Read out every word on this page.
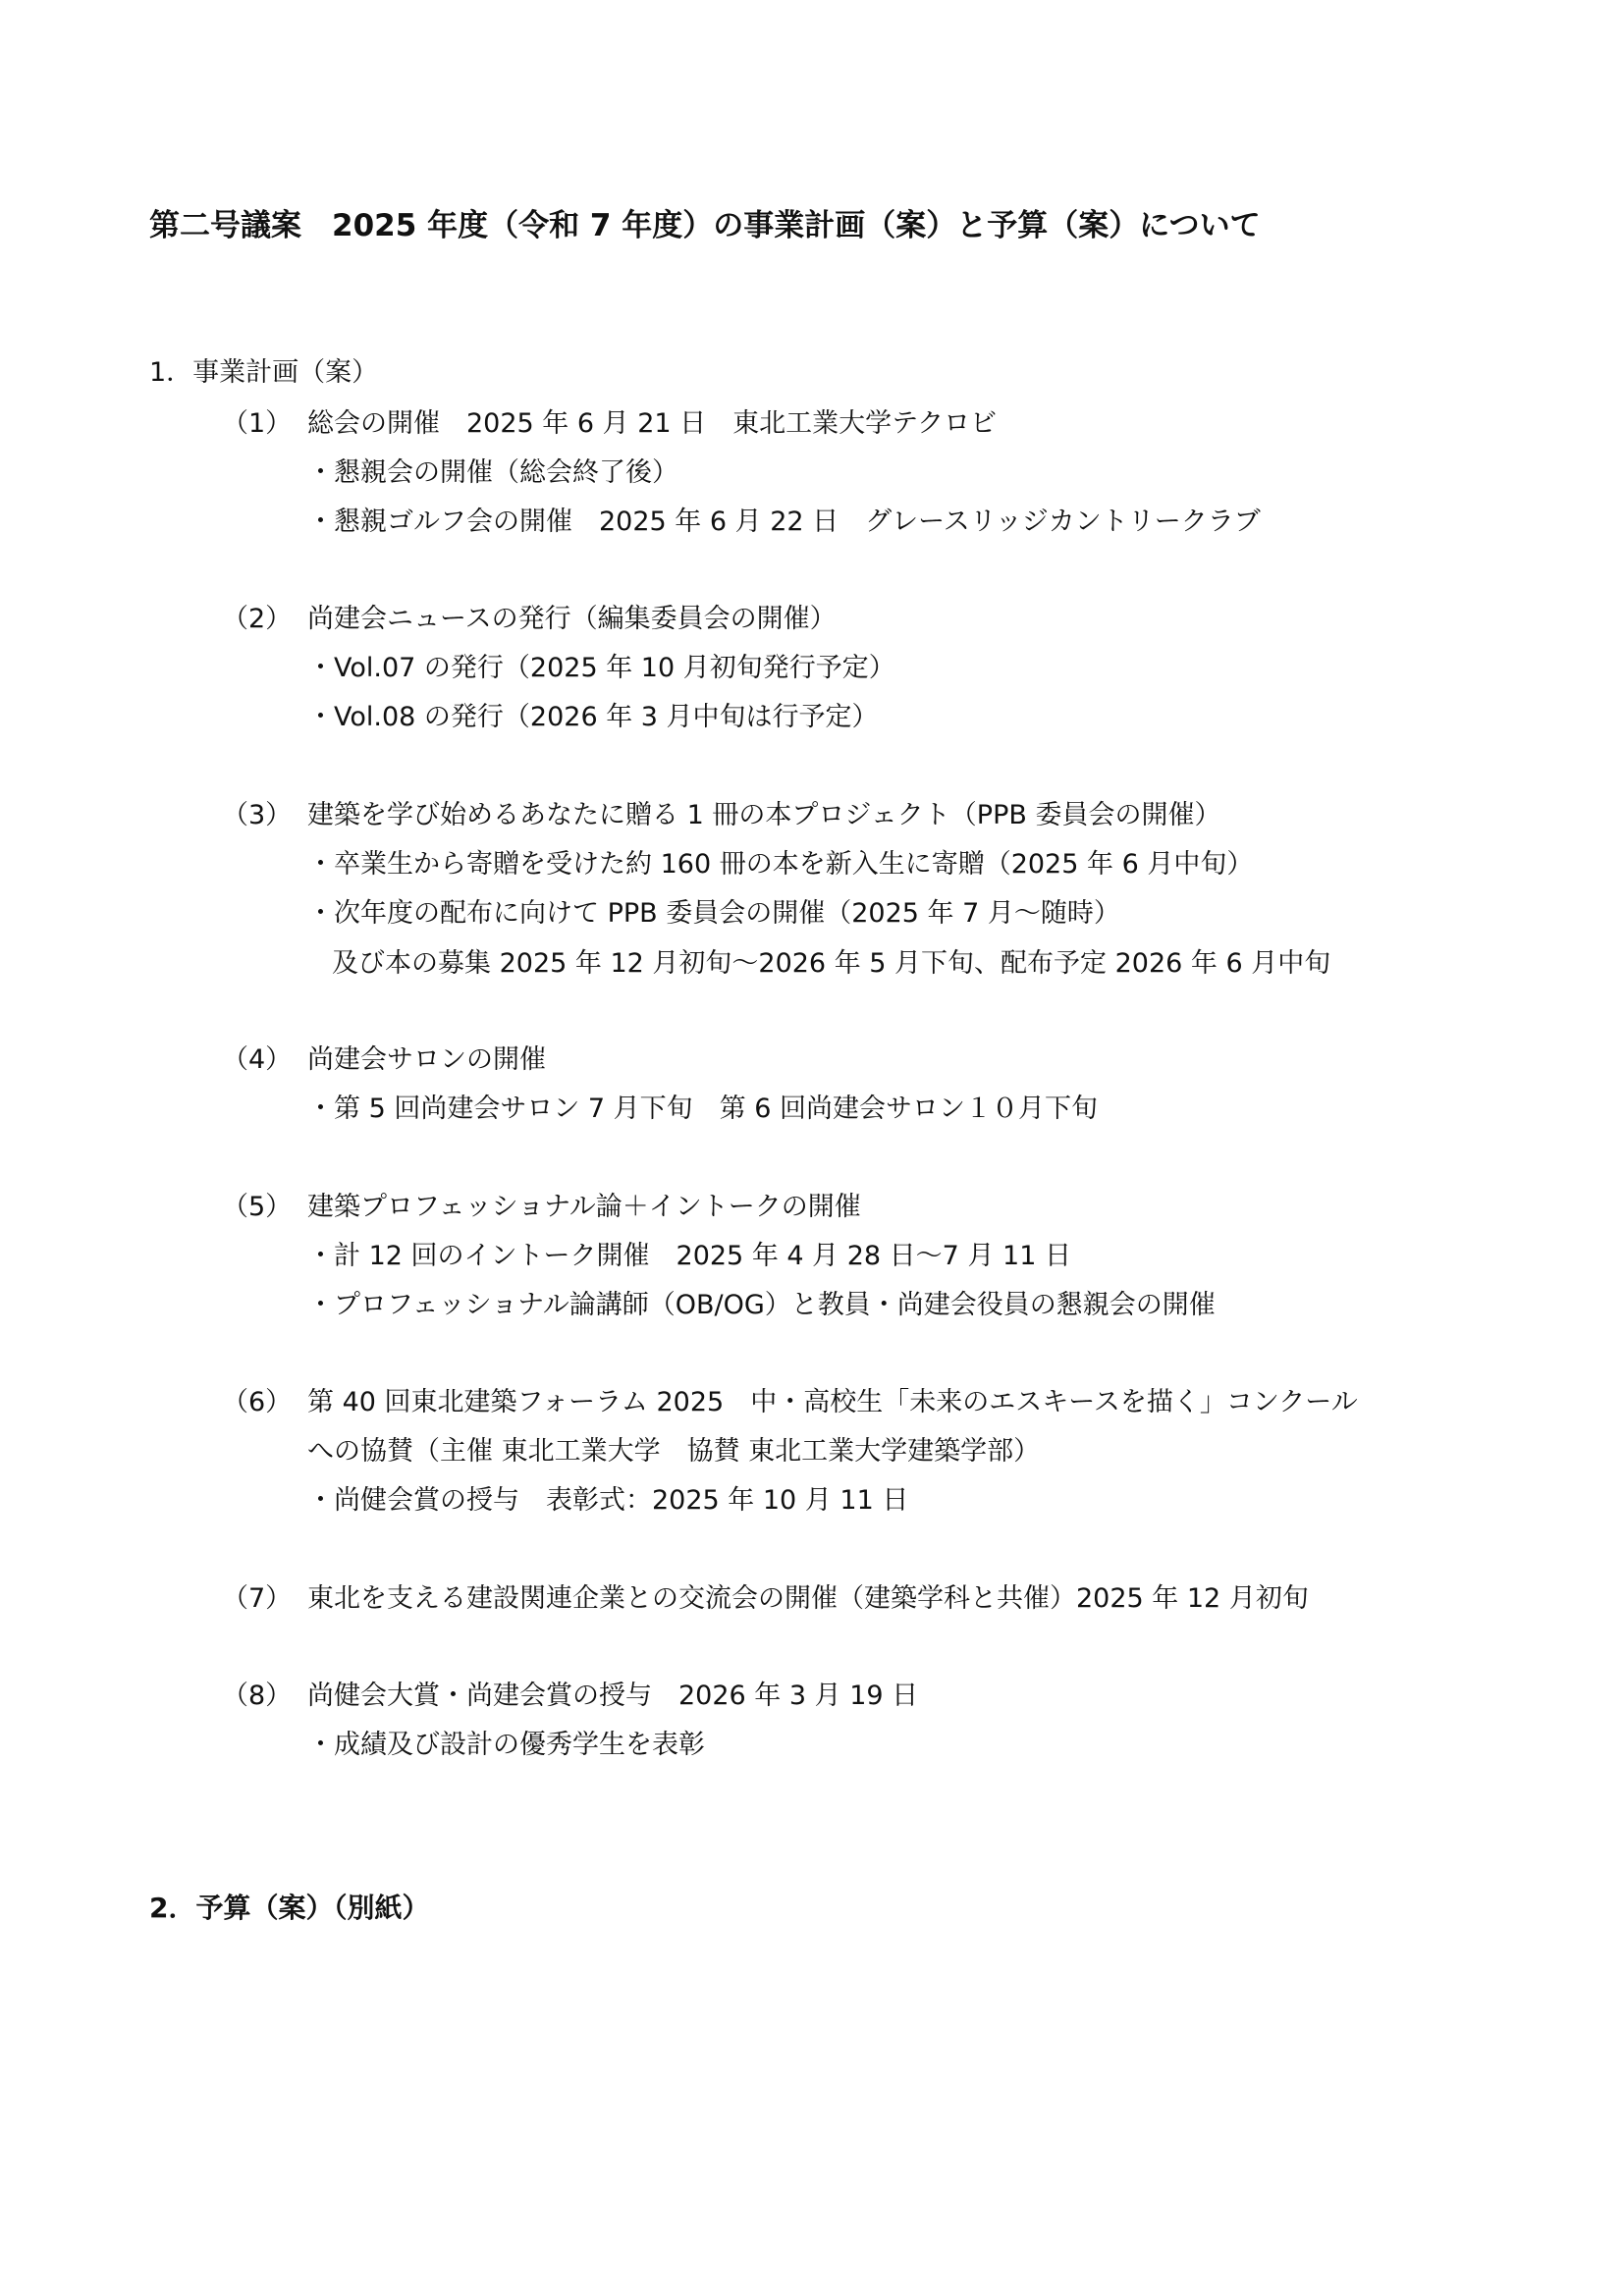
第二号議案　2025 年度（令和 7 年度）の事業計画（案）と予算（案）について
1．事業計画（案）
（1） 総会の開催　2025 年 6 月 21 日　東北工業大学テクロビ
・懇親会の開催（総会終了後）
・懇親ゴルフ会の開催　2025 年 6 月 22 日　グレースリッジカントリークラブ
（2） 尚建会ニュースの発行（編集委員会の開催）
・Vol.07 の発行（2025 年 10 月初旬発行予定）
・Vol.08 の発行（2026 年 3 月中旬は行予定）
（3） 建築を学び始めるあなたに贈る 1 冊の本プロジェクト（PPB 委員会の開催）
・卒業生から寄贈を受けた約 160 冊の本を新入生に寄贈（2025 年 6 月中旬）
・次年度の配布に向けて PPB 委員会の開催（2025 年 7 月～随時）
及び本の募集 2025 年 12 月初旬～2026 年 5 月下旬、配布予定 2026 年 6 月中旬
（4） 尚建会サロンの開催
・第 5 回尚建会サロン 7 月下旬　第 6 回尚建会サロン１０月下旬
（5） 建築プロフェッショナル論＋イントークの開催
・計 12 回のイントーク開催　2025 年 4 月 28 日～7 月 11 日
・プロフェッショナル論講師（OB/OG）と教員・尚建会役員の懇親会の開催
（6） 第 40 回東北建築フォーラム 2025　中・高校生「未来のエスキースを描く」コンクール
への協賛（主催 東北工業大学　協賛 東北工業大学建築学部）
・尚健会賞の授与　表彰式：2025 年 10 月 11 日
（7） 東北を支える建設関連企業との交流会の開催（建築学科と共催）2025 年 12 月初旬
（8） 尚健会大賞・尚建会賞の授与　2026 年 3 月 19 日
・成績及び設計の優秀学生を表彰
2．予算（案）（別紙）
